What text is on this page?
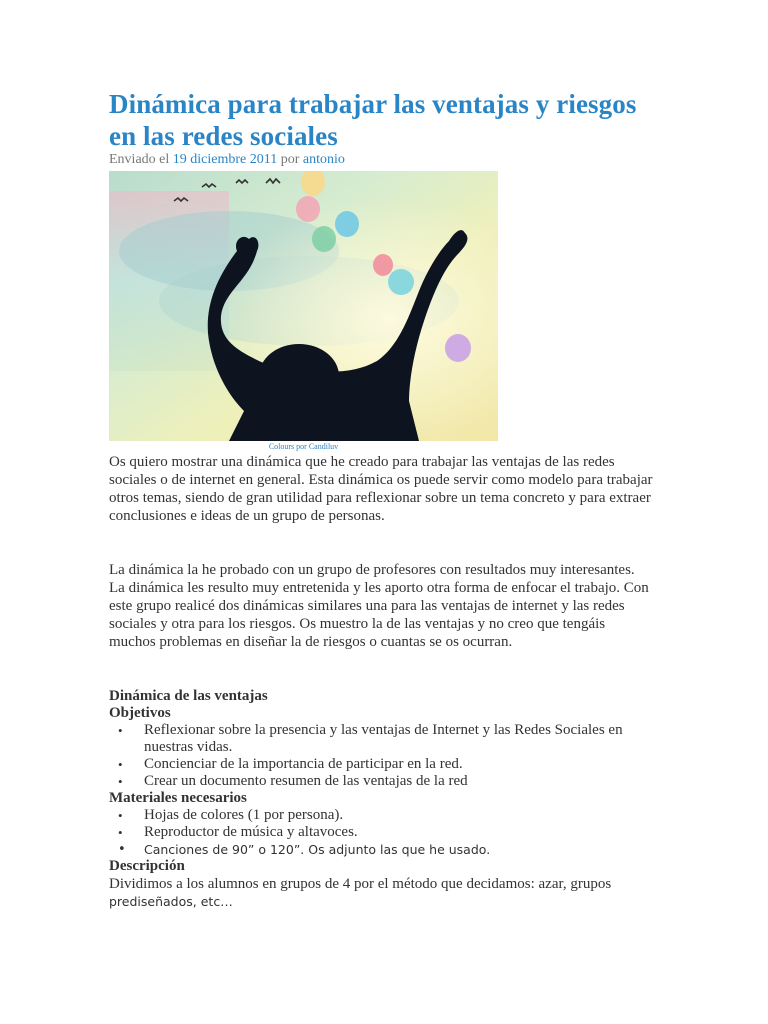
Dinámica para trabajar las ventajas y riesgos en las redes sociales
Enviado el 19 diciembre 2011 por antonio
Colours por Candiluv

Os quiero mostrar una dinámica que he creado para trabajar las ventajas de las redes sociales o de internet en general. Esta dinámica os puede servir como modelo para trabajar otros temas, siendo de gran utilidad para reflexionar sobre un tema concreto y para extraer conclusiones e ideas de un grupo de personas.

La dinámica la he probado con un grupo de profesores con resultados muy interesantes. La dinámica les resulto muy entretenida y les aporto otra forma de enfocar el trabajo. Con este grupo realicé dos dinámicas similares una para las ventajas de internet y las redes sociales y otra para los riesgos. Os muestro la de las ventajas y no creo que tengáis muchos problemas en diseñar la de riesgos o cuantas se os ocurran.

Dinámica de las ventajas
Objetivos
• Reflexionar sobre la presencia y las ventajas de Internet y las Redes Sociales en nuestras vidas.
• Concienciar de la importancia de participar en la red.
• Crear un documento resumen de las ventajas de la red
Materiales necesarios
• Hojas de colores (1 por persona).
• Reproductor de música y altavoces.
• Canciones de 90” o 120”. Os adjunto las que he usado.
Descripción

Dividimos a los alumnos en grupos de 4 por el método que decidamos: azar, grupos
prediseñados, etc…
